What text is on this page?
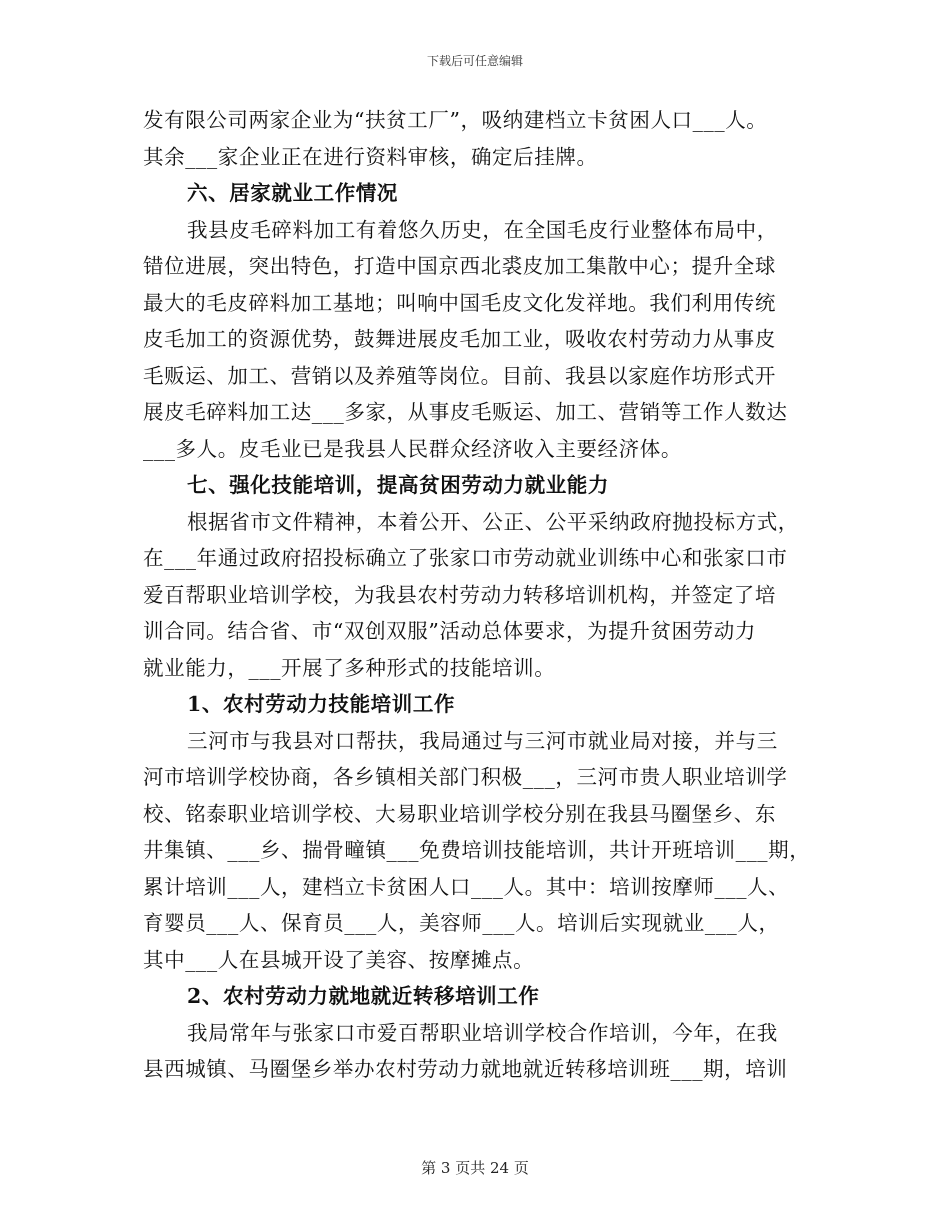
下载后可任意编辑
发有限公司两家企业为“扶贫工厂”，吸纳建档立卡贫困人口___人。
其余___家企业正在进行资料审核，确定后挂牌。
六、居家就业工作情况
我县皮毛碎料加工有着悠久历史，在全国毛皮行业整体布局中，
错位进展，突出特色，打造中国京西北裘皮加工集散中心；提升全球
最大的毛皮碎料加工基地；叫响中国毛皮文化发祥地。我们利用传统
皮毛加工的资源优势，鼓舞进展皮毛加工业，吸收农村劳动力从事皮
毛贩运、加工、营销以及养殖等岗位。目前、我县以家庭作坊形式开
展皮毛碎料加工达___多家，从事皮毛贩运、加工、营销等工作人数达
___多人。皮毛业已是我县人民群众经济收入主要经济体。
七、强化技能培训，提高贫困劳动力就业能力
根据省市文件精神，本着公开、公正、公平采纳政府抛投标方式，
在___年通过政府招投标确立了张家口市劳动就业训练中心和张家口市
爱百帮职业培训学校，为我县农村劳动力转移培训机构，并签定了培
训合同。结合省、市“双创双服”活动总体要求，为提升贫困劳动力
就业能力，___开展了多种形式的技能培训。
1、农村劳动力技能培训工作
三河市与我县对口帮扶，我局通过与三河市就业局对接，并与三
河市培训学校协商，各乡镇相关部门积极___，三河市贵人职业培训学
校、铭泰职业培训学校、大易职业培训学校分别在我县马圈堡乡、东
井集镇、___乡、揣骨疃镇___免费培训技能培训，共计开班培训___期，
累计培训___人，建档立卡贫困人口___人。其中：培训按摩师___人、
育婴员___人、保育员___人，美容师___人。培训后实现就业___人，
其中___人在县城开设了美容、按摩摊点。
2、农村劳动力就地就近转移培训工作
我局常年与张家口市爱百帮职业培训学校合作培训，今年，在我
县西城镇、马圈堡乡举办农村劳动力就地就近转移培训班___期，培训
第 3 页共 24 页
